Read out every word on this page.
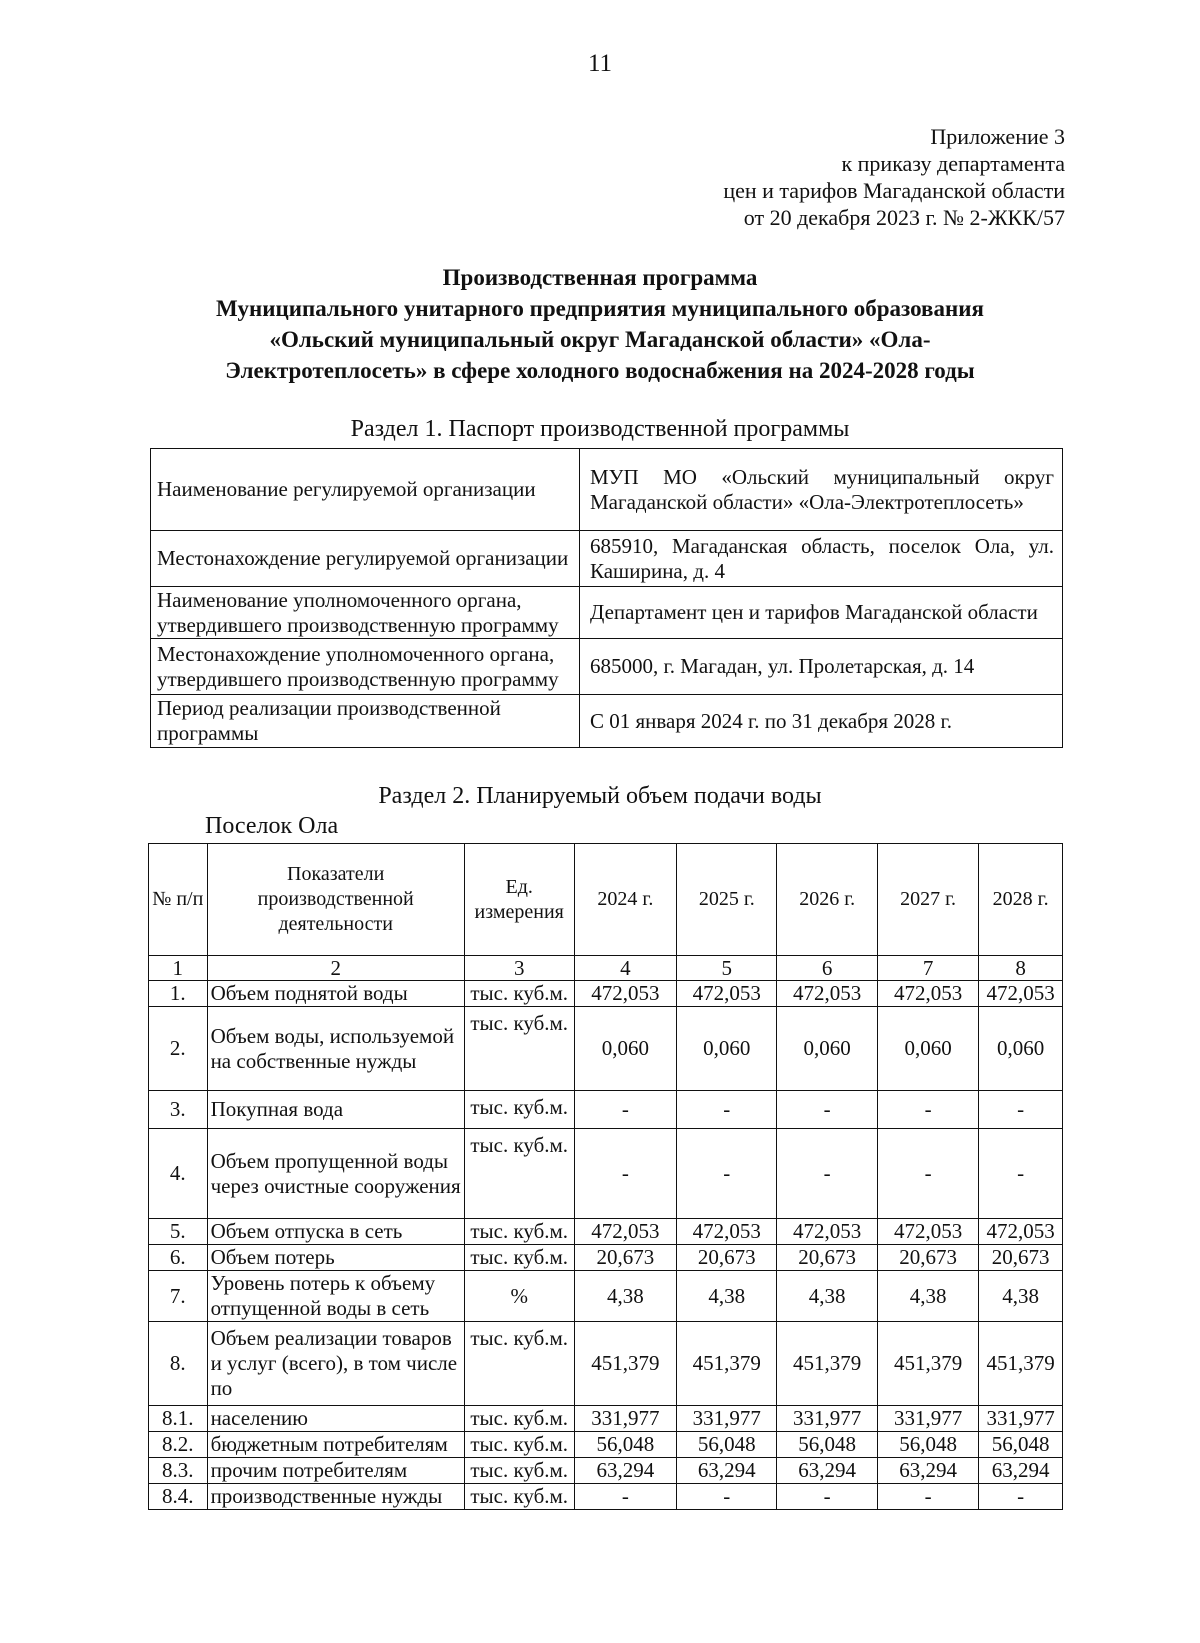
11
Приложение 3
к приказу департамента
цен и тарифов Магаданской области
от 20 декабря 2023 г. № 2-ЖКК/57
Производственная программа
Муниципального унитарного предприятия муниципального образования
«Ольский муниципальный округ Магаданской области» «Ола-
Электротеплосеть» в сфере холодного водоснабжения на 2024-2028 годы
Раздел 1. Паспорт производственной программы
Наименование регулируемой организации	МУП МО «Ольский муниципальный округ Магаданской области» «Ола-Электротеплосеть»
Местонахождение регулируемой организации	685910, Магаданская область, поселок Ола, ул. Каширина, д. 4
Наименование уполномоченного органа, утвердившего производственную программу	Департамент цен и тарифов Магаданской области
Местонахождение уполномоченного органа, утвердившего производственную программу	685000, г. Магадан, ул. Пролетарская, д. 14
Период реализации производственной программы	С 01 января 2024 г. по 31 декабря 2028 г.
Раздел 2. Планируемый объем подачи воды
Поселок Ола
№ п/п	Показатели производственной деятельности	Ед. измерения	2024 г.	2025 г.	2026 г.	2027 г.	2028 г.
1	2	3	4	5	6	7	8
1.	Объем поднятой воды	тыс. куб.м.	472,053	472,053	472,053	472,053	472,053
2.	Объем воды, используемой на собственные нужды	тыс. куб.м.	0,060	0,060	0,060	0,060	0,060
3.	Покупная вода	тыс. куб.м.	-	-	-	-	-
4.	Объем пропущенной воды через очистные сооружения	тыс. куб.м.	-	-	-	-	-
5.	Объем отпуска в сеть	тыс. куб.м.	472,053	472,053	472,053	472,053	472,053
6.	Объем потерь	тыс. куб.м.	20,673	20,673	20,673	20,673	20,673
7.	Уровень потерь к объему отпущенной воды в сеть	%	4,38	4,38	4,38	4,38	4,38
8.	Объем реализации товаров и услуг (всего), в том числе по	тыс. куб.м.	451,379	451,379	451,379	451,379	451,379
8.1.	населению	тыс. куб.м.	331,977	331,977	331,977	331,977	331,977
8.2.	бюджетным потребителям	тыс. куб.м.	56,048	56,048	56,048	56,048	56,048
8.3.	прочим потребителям	тыс. куб.м.	63,294	63,294	63,294	63,294	63,294
8.4.	производственные нужды	тыс. куб.м.	-	-	-	-	-
